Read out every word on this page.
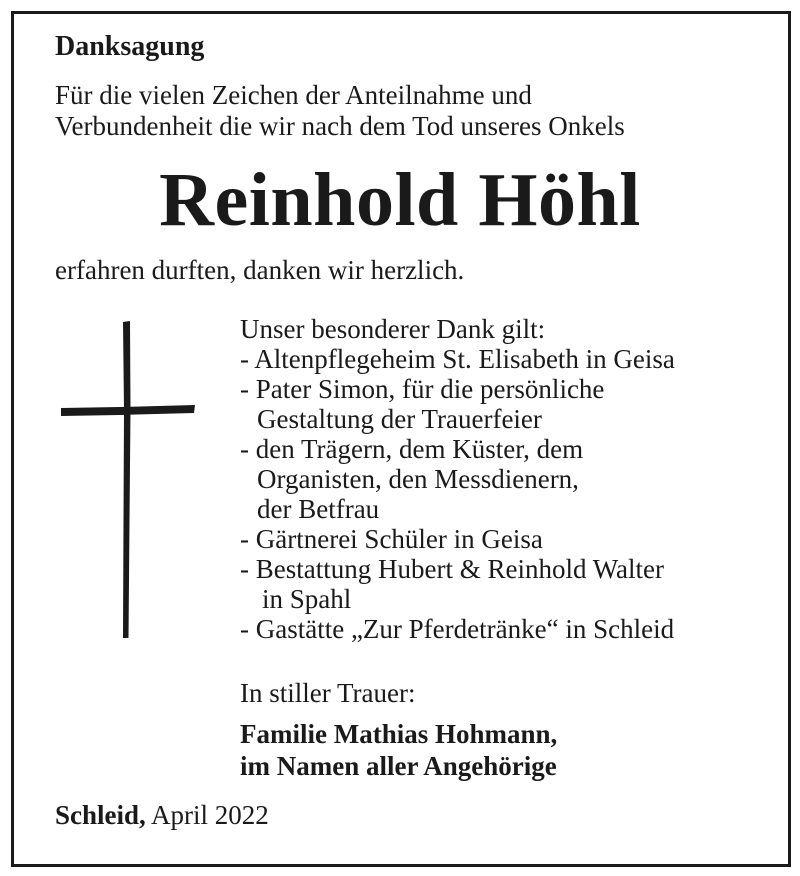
Danksagung
Für die vielen Zeichen der Anteilnahme und
Verbundenheit die wir nach dem Tod unseres Onkels
Reinhold Höhl
erfahren durften, danken wir herzlich.
Unser besonderer Dank gilt:
- Altenpflegeheim St. Elisabeth in Geisa
- Pater Simon, für die persönliche
Gestaltung der Trauerfeier
- den Trägern, dem Küster, dem
Organisten, den Messdienern,
der Betfrau
- Gärtnerei Schüler in Geisa
- Bestattung Hubert & Reinhold Walter
in Spahl
- Gastätte „Zur Pferdetränke“ in Schleid
In stiller Trauer:
Familie Mathias Hohmann,
im Namen aller Angehörige
Schleid, April 2022
